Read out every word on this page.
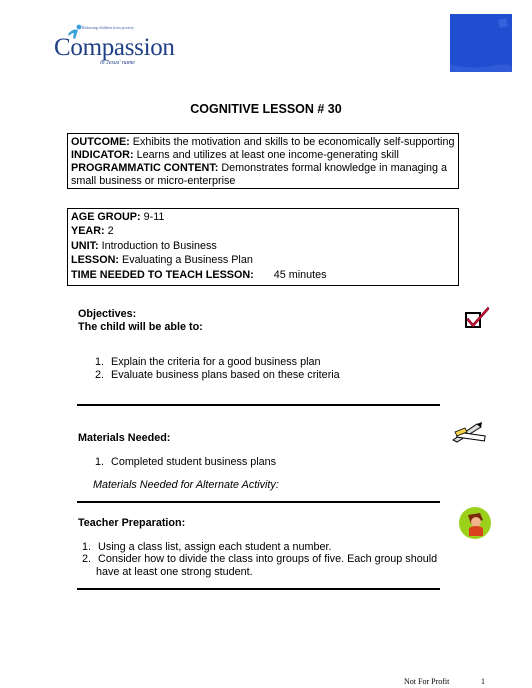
Releasing children from poverty
Compassion
in Jesus' name
COGNITIVE LESSON # 30
OUTCOME: Exhibits the motivation and skills to be economically self-supporting
INDICATOR: Learns and utilizes at least one income-generating skill
PROGRAMMATIC CONTENT: Demonstrates formal knowledge in managing a
small business or micro-enterprise
AGE GROUP: 9-11
YEAR: 2
UNIT: Introduction to Business
LESSON: Evaluating a Business Plan
TIME NEEDED TO TEACH LESSON: 45 minutes
Objectives:
The child will be able to:
1. Explain the criteria for a good business plan
2. Evaluate business plans based on these criteria
Materials Needed:
1. Completed student business plans
Materials Needed for Alternate Activity:
Teacher Preparation:
1. Using a class list, assign each student a number.
2. Consider how to divide the class into groups of five. Each group should
have at least one strong student.
Not For Profit	1
